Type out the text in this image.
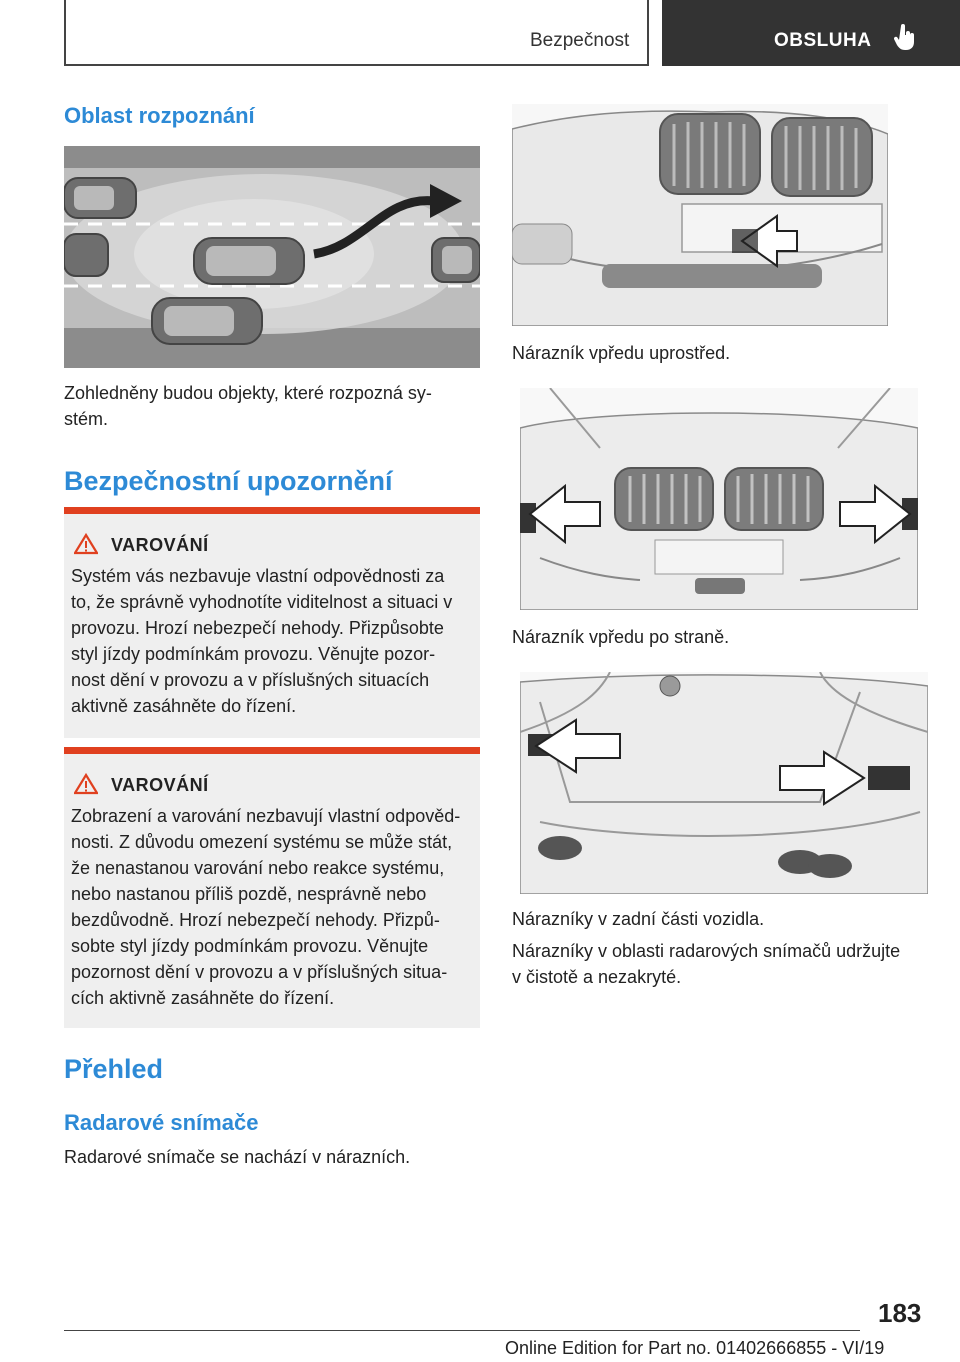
Bezpečnost	OBSLUHA
Oblast rozpoznání
Zohledněny budou objekty, které rozpozná sy-
stém.
Bezpečnostní upozornění
VAROVÁNÍ
Systém vás nezbavuje vlastní odpovědnosti za
to, že správně vyhodnotíte viditelnost a situaci v
provozu. Hrozí nebezpečí nehody. Přizpůsobte
styl jízdy podmínkám provozu. Věnujte pozor-
nost dění v provozu a v příslušných situacích
aktivně zasáhněte do řízení.
VAROVÁNÍ
Zobrazení a varování nezbavují vlastní odpověd-
nosti. Z důvodu omezení systému se může stát,
že nenastanou varování nebo reakce systému,
nebo nastanou příliš pozdě, nesprávně nebo
bezdůvodně. Hrozí nebezpečí nehody. Přizpů-
sobte styl jízdy podmínkám provozu. Věnujte
pozornost dění v provozu a v příslušných situa-
cích aktivně zasáhněte do řízení.
Přehled
Radarové snímače
Radarové snímače se nachází v nárazních.
Nárazník vpředu uprostřed.
Nárazník vpředu po straně.
Nárazníky v zadní části vozidla.
Nárazníky v oblasti radarových snímačů udržujte
v čistotě a nezakryté.
183
Online Edition for Part no. 01402666855 - VI/19
